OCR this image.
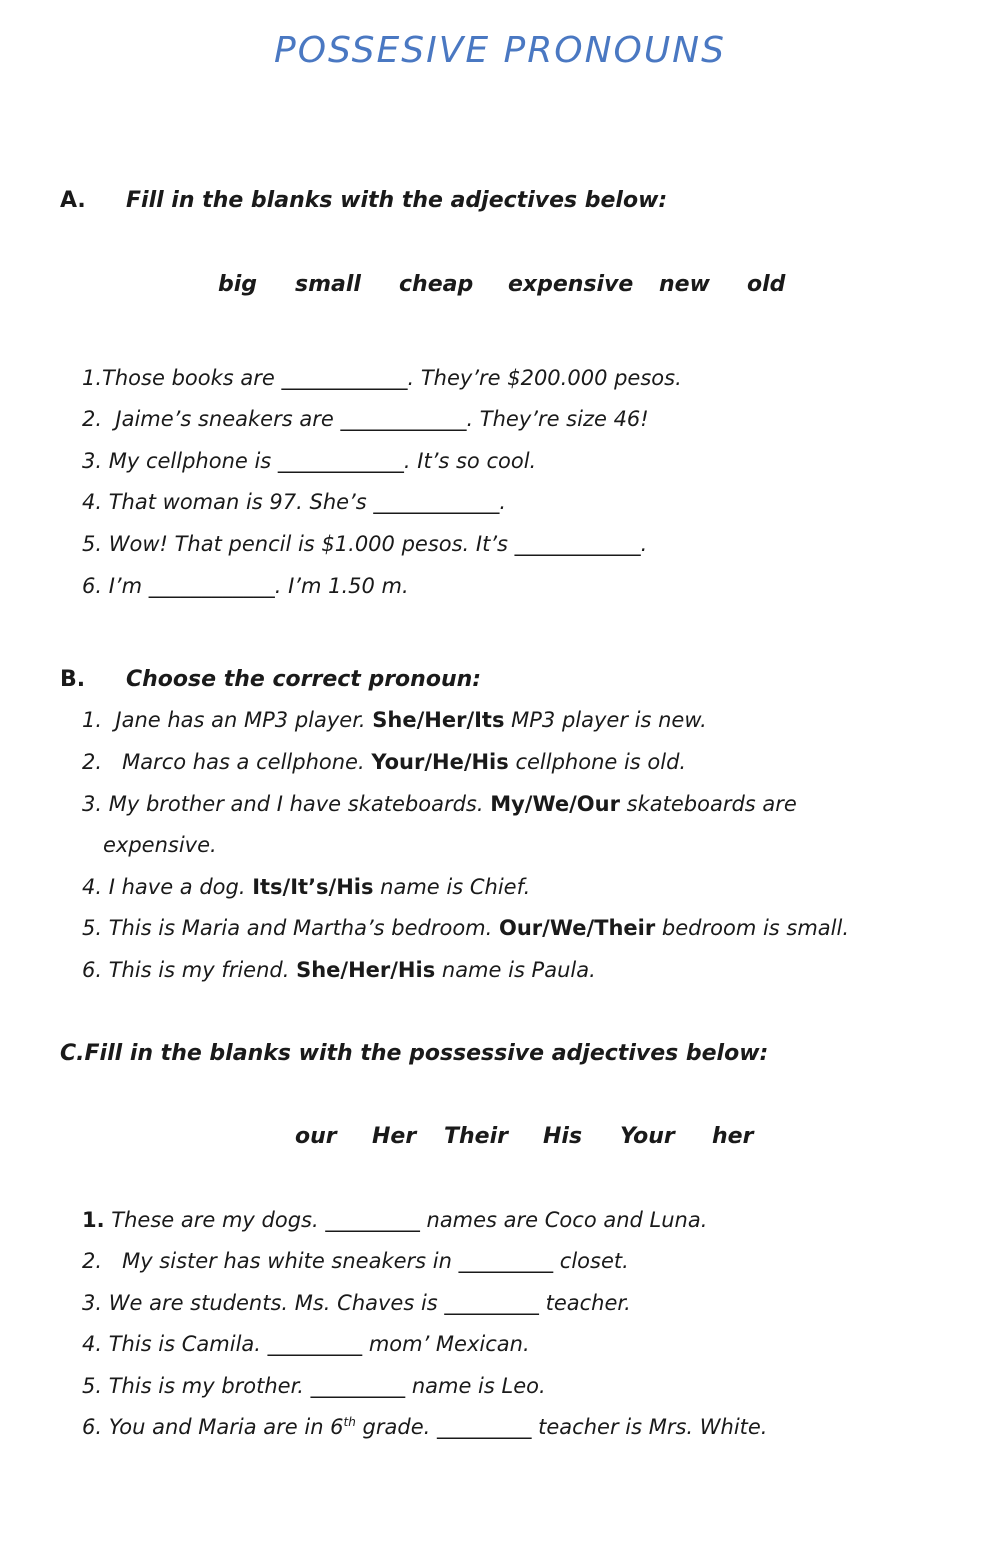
POSSESIVE PRONOUNS
A. Fill in the blanks with the adjectives below:
big	small	cheap	expensive	new	old
1.Those books are ____________. They’re $200.000 pesos.
2.  Jaime’s sneakers are ____________. They’re size 46!
3. My cellphone is ____________. It’s so cool.
4. That woman is 97. She’s ____________.
5. Wow! That pencil is $1.000 pesos. It’s ____________.
6. I’m ____________. I’m 1.50 m.
B. Choose the correct pronoun:
1.  Jane has an MP3 player. She/Her/Its MP3 player is new.
2.   Marco has a cellphone. Your/He/His cellphone is old.
3. My brother and I have skateboards. My/We/Our skateboards are
expensive.
4. I have a dog. Its/It’s/His name is Chief.
5. This is Maria and Martha’s bedroom. Our/We/Their bedroom is small.
6. This is my friend. She/Her/His name is Paula.
C.Fill in the blanks with the possessive adjectives below:
our	Her	Their	His	Your	her
1. These are my dogs. _________ names are Coco and Luna.
2.   My sister has white sneakers in _________ closet.
3. We are students. Ms. Chaves is _________ teacher.
4. This is Camila. _________ mom’ Mexican.
5. This is my brother. _________ name is Leo.
6. You and Maria are in 6th grade. _________ teacher is Mrs. White.
